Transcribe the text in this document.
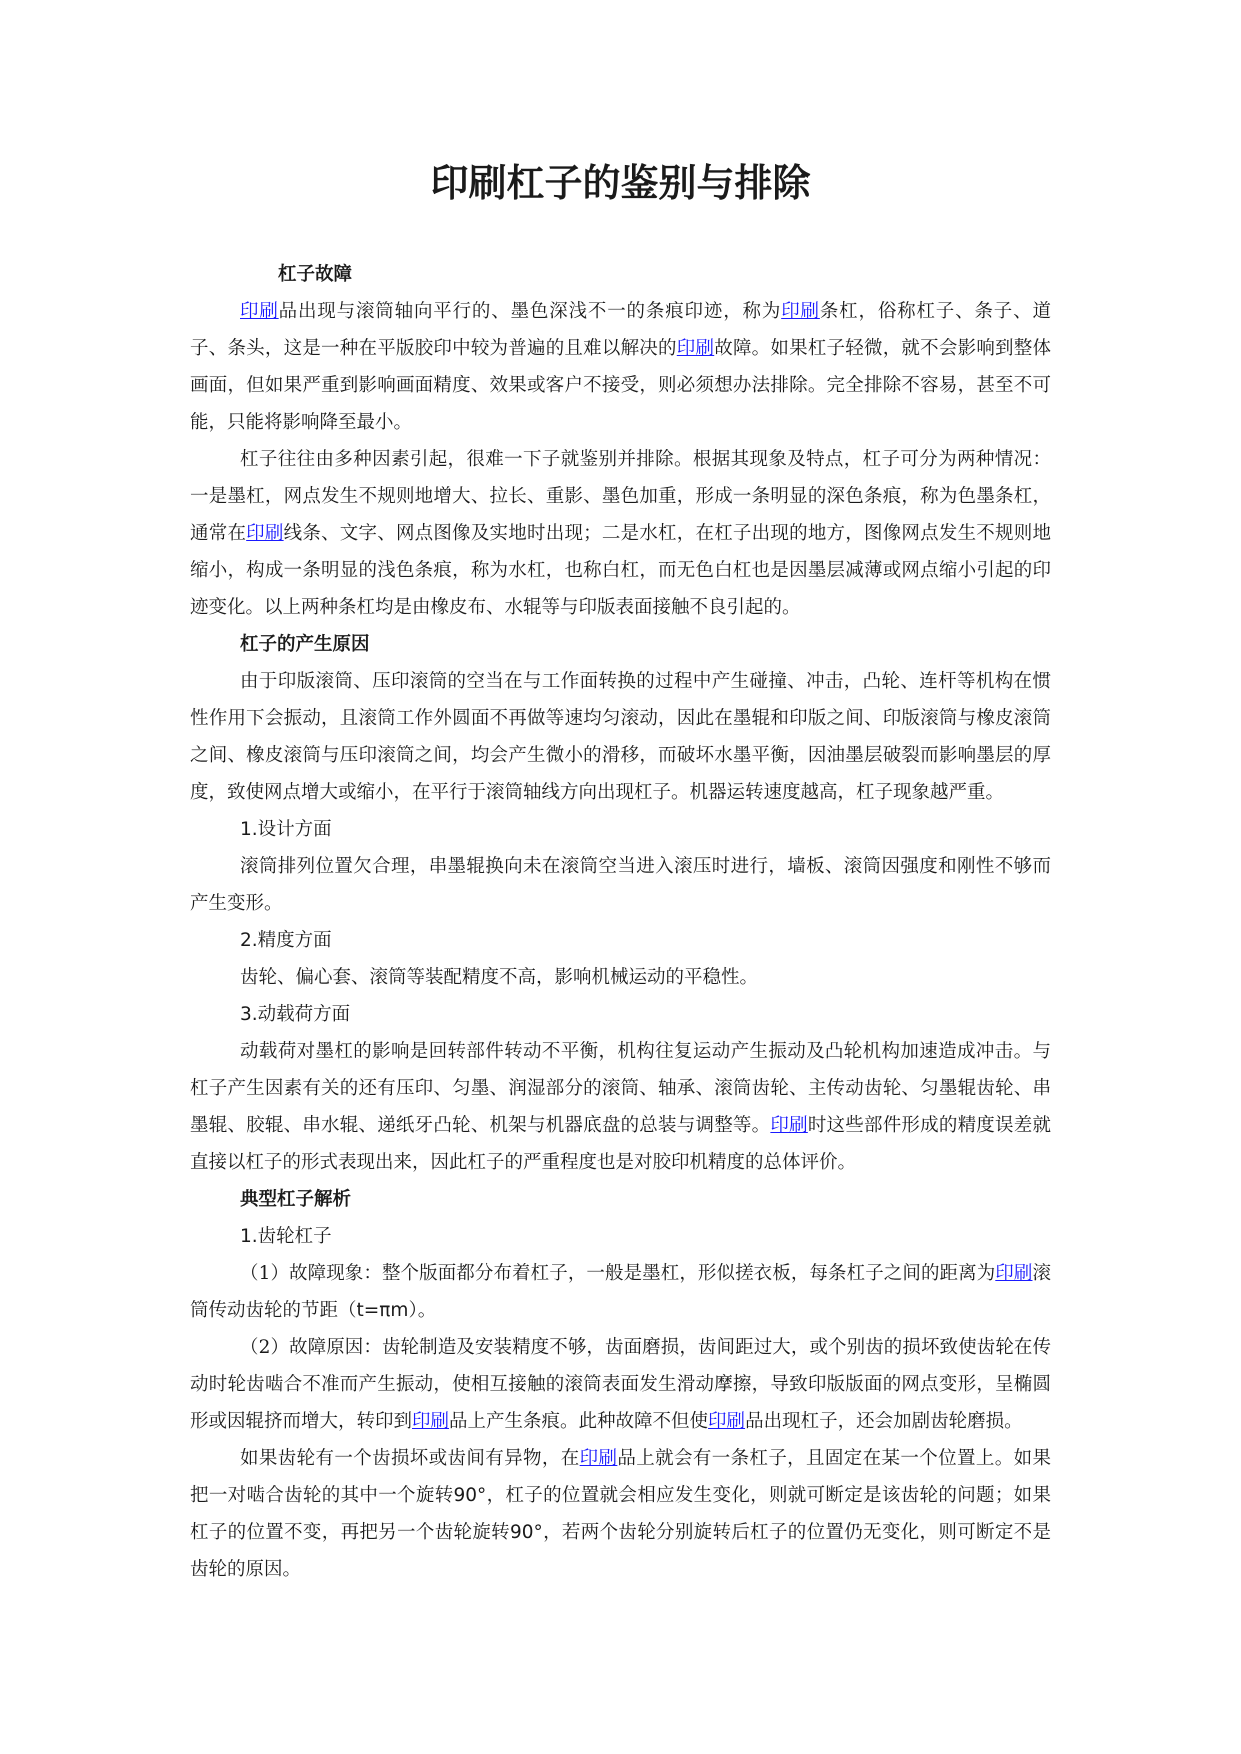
印刷杠子的鉴别与排除

杠子故障

印刷品出现与滚筒轴向平行的、墨色深浅不一的条痕印迹，称为印刷条杠，俗称杠子、条子、道子、条头，这是一种在平版胶印中较为普遍的且难以解决的印刷故障。如果杠子轻微，就不会影响到整体画面，但如果严重到影响画面精度、效果或客户不接受，则必须想办法排除。完全排除不容易，甚至不可能，只能将影响降至最小。

杠子往往由多种因素引起，很难一下子就鉴别并排除。根据其现象及特点，杠子可分为两种情况：一是墨杠，网点发生不规则地增大、拉长、重影、墨色加重，形成一条明显的深色条痕，称为色墨条杠，通常在印刷线条、文字、网点图像及实地时出现；二是水杠，在杠子出现的地方，图像网点发生不规则地缩小，构成一条明显的浅色条痕，称为水杠，也称白杠，而无色白杠也是因墨层减薄或网点缩小引起的印迹变化。以上两种条杠均是由橡皮布、水辊等与印版表面接触不良引起的。

杠子的产生原因

由于印版滚筒、压印滚筒的空当在与工作面转换的过程中产生碰撞、冲击，凸轮、连杆等机构在惯性作用下会振动，且滚筒工作外圆面不再做等速均匀滚动，因此在墨辊和印版之间、印版滚筒与橡皮滚筒之间、橡皮滚筒与压印滚筒之间，均会产生微小的滑移，而破坏水墨平衡，因油墨层破裂而影响墨层的厚度，致使网点增大或缩小，在平行于滚筒轴线方向出现杠子。机器运转速度越高，杠子现象越严重。

1.设计方面

滚筒排列位置欠合理，串墨辊换向未在滚筒空当进入滚压时进行，墙板、滚筒因强度和刚性不够而产生变形。

2.精度方面

齿轮、偏心套、滚筒等装配精度不高，影响机械运动的平稳性。

3.动载荷方面

动载荷对墨杠的影响是回转部件转动不平衡，机构往复运动产生振动及凸轮机构加速造成冲击。与杠子产生因素有关的还有压印、匀墨、润湿部分的滚筒、轴承、滚筒齿轮、主传动齿轮、匀墨辊齿轮、串墨辊、胶辊、串水辊、递纸牙凸轮、机架与机器底盘的总装与调整等。印刷时这些部件形成的精度误差就直接以杠子的形式表现出来，因此杠子的严重程度也是对胶印机精度的总体评价。

典型杠子解析

1.齿轮杠子

（1）故障现象：整个版面都分布着杠子，一般是墨杠，形似搓衣板，每条杠子之间的距离为印刷滚筒传动齿轮的节距（t=πm）。

（2）故障原因：齿轮制造及安装精度不够，齿面磨损，齿间距过大，或个别齿的损坏致使齿轮在传动时轮齿啮合不准而产生振动，使相互接触的滚筒表面发生滑动摩擦，导致印版版面的网点变形，呈椭圆形或因辊挤而增大，转印到印刷品上产生条痕。此种故障不但使印刷品出现杠子，还会加剧齿轮磨损。

如果齿轮有一个齿损坏或齿间有异物，在印刷品上就会有一条杠子，且固定在某一个位置上。如果把一对啮合齿轮的其中一个旋转90°，杠子的位置就会相应发生变化，则就可断定是该齿轮的问题；如果杠子的位置不变，再把另一个齿轮旋转90°，若两个齿轮分别旋转后杠子的位置仍无变化，则可断定不是齿轮的原因。
